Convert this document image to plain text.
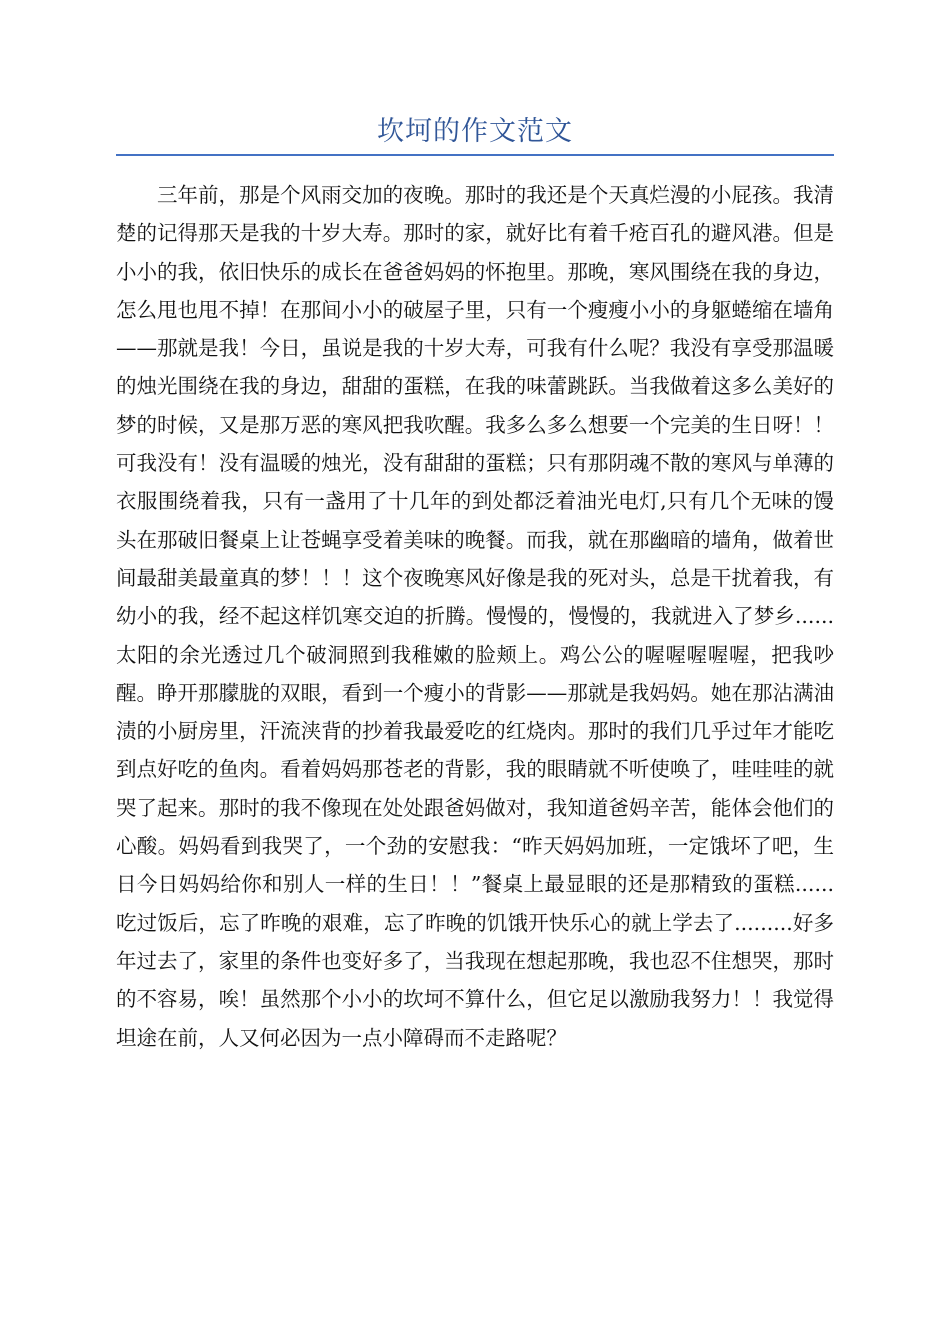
坎坷的作文范文

三年前，那是个风雨交加的夜晚。那时的我还是个天真烂漫的小屁孩。我清楚的记得那天是我的十岁大寿。那时的家，就好比有着千疮百孔的避风港。但是小小的我，依旧快乐的成长在爸爸妈妈的怀抱里。那晚，寒风围绕在我的身边，怎么甩也甩不掉！在那间小小的破屋子里，只有一个瘦瘦小小的身躯蜷缩在墙角——那就是我！今日，虽说是我的十岁大寿，可我有什么呢？我没有享受那温暖的烛光围绕在我的身边，甜甜的蛋糕，在我的味蕾跳跃。当我做着这多么美好的梦的时候，又是那万恶的寒风把我吹醒。我多么多么想要一个完美的生日呀！！可我没有！没有温暖的烛光，没有甜甜的蛋糕；只有那阴魂不散的寒风与单薄的衣服围绕着我，只有一盏用了十几年的到处都泛着油光电灯,只有几个无味的馒头在那破旧餐桌上让苍蝇享受着美味的晚餐。而我，就在那幽暗的墙角，做着世间最甜美最童真的梦！！！这个夜晚寒风好像是我的死对头，总是干扰着我，有幼小的我，经不起这样饥寒交迫的折腾。慢慢的，慢慢的，我就进入了梦乡......太阳的余光透过几个破洞照到我稚嫩的脸颊上。鸡公公的喔喔喔喔喔，把我吵醒。睁开那朦胧的双眼，看到一个瘦小的背影——那就是我妈妈。她在那沾满油渍的小厨房里，汗流浃背的抄着我最爱吃的红烧肉。那时的我们几乎过年才能吃到点好吃的鱼肉。看着妈妈那苍老的背影，我的眼睛就不听使唤了，哇哇哇的就哭了起来。那时的我不像现在处处跟爸妈做对，我知道爸妈辛苦，能体会他们的心酸。妈妈看到我哭了，一个劲的安慰我：“昨天妈妈加班，一定饿坏了吧，生日今日妈妈给你和别人一样的生日！！”餐桌上最显眼的还是那精致的蛋糕......吃过饭后，忘了昨晚的艰难，忘了昨晚的饥饿开快乐心的就上学去了.........好多年过去了，家里的条件也变好多了，当我现在想起那晚，我也忍不住想哭，那时的不容易，唉！虽然那个小小的坎坷不算什么，但它足以激励我努力！！我觉得坦途在前，人又何必因为一点小障碍而不走路呢？
